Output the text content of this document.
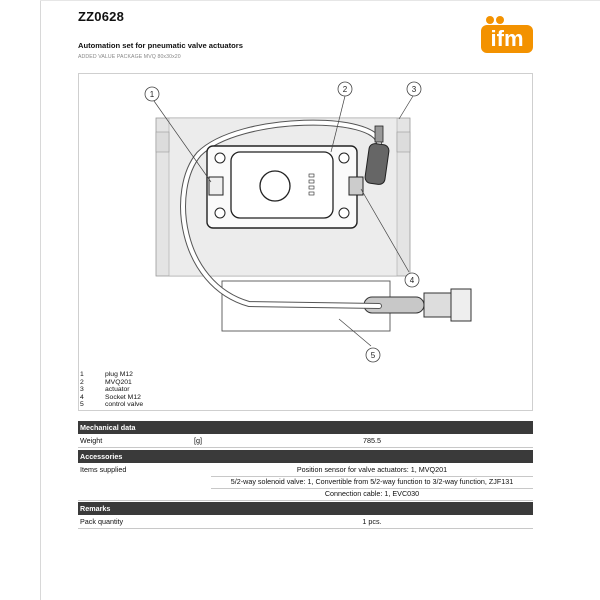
ZZ0628
Automation set for pneumatic valve actuators
ADDED VALUE PACKAGE MVQ 80x30x20
ifm
1
2	3
4
5
1	plug M12
2	MVQ201
3	actuator
4	Socket M12
5	control valve
Mechanical data
Weight	[g]	785.5
Accessories
Items supplied	Position sensor for valve actuators: 1, MVQ201
5/2-way solenoid valve: 1, Convertible from 5/2-way function to 3/2-way function, ZJF131
Connection cable: 1, EVC030
Remarks
Pack quantity	1 pcs.
